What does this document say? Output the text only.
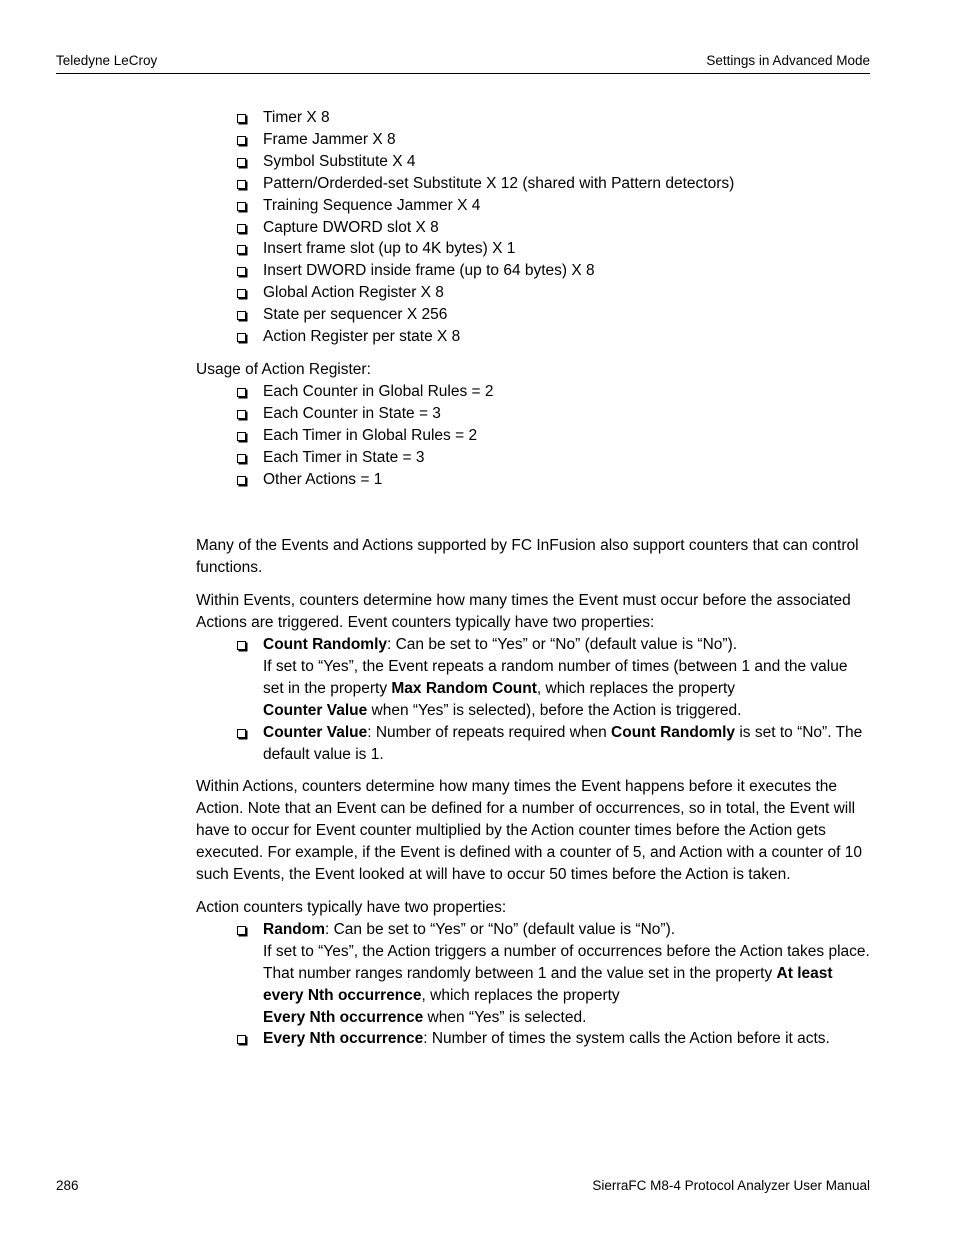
Teledyne LeCroy	Settings in Advanced Mode
Timer X 8
Frame Jammer X 8
Symbol Substitute X 4
Pattern/Orderded-set Substitute X 12 (shared with Pattern detectors)
Training Sequence Jammer X 4
Capture DWORD slot X 8
Insert frame slot (up to 4K bytes) X 1
Insert DWORD inside frame (up to 64 bytes) X 8
Global Action Register X 8
State per sequencer X 256
Action Register per state X 8

Usage of Action Register:

Each Counter in Global Rules = 2
Each Counter in State = 3
Each Timer in Global Rules = 2
Each Timer in State = 3
Other Actions = 1

Many of the Events and Actions supported by FC InFusion also support counters that can control functions.

Within Events, counters determine how many times the Event must occur before the associated Actions are triggered. Event counters typically have two properties:

Count Randomly: Can be set to “Yes” or “No” (default value is “No”).
If set to “Yes”, the Event repeats a random number of times (between 1 and the value set in the property Max Random Count, which replaces the property
Counter Value when “Yes” is selected), before the Action is triggered.
Counter Value: Number of repeats required when Count Randomly is set to “No”. The default value is 1.

Within Actions, counters determine how many times the Event happens before it executes the Action. Note that an Event can be defined for a number of occurrences, so in total, the Event will have to occur for Event counter multiplied by the Action counter times before the Action gets executed. For example, if the Event is defined with a counter of 5, and Action with a counter of 10 such Events, the Event looked at will have to occur 50 times before the Action is taken.

Action counters typically have two properties:

Random: Can be set to “Yes” or “No” (default value is “No”).
If set to “Yes”, the Action triggers a number of occurrences before the Action takes place. That number ranges randomly between 1 and the value set in the property At least every Nth occurrence, which replaces the property
Every Nth occurrence when “Yes” is selected.
Every Nth occurrence: Number of times the system calls the Action before it acts.
286	SierraFC M8-4 Protocol Analyzer User Manual
